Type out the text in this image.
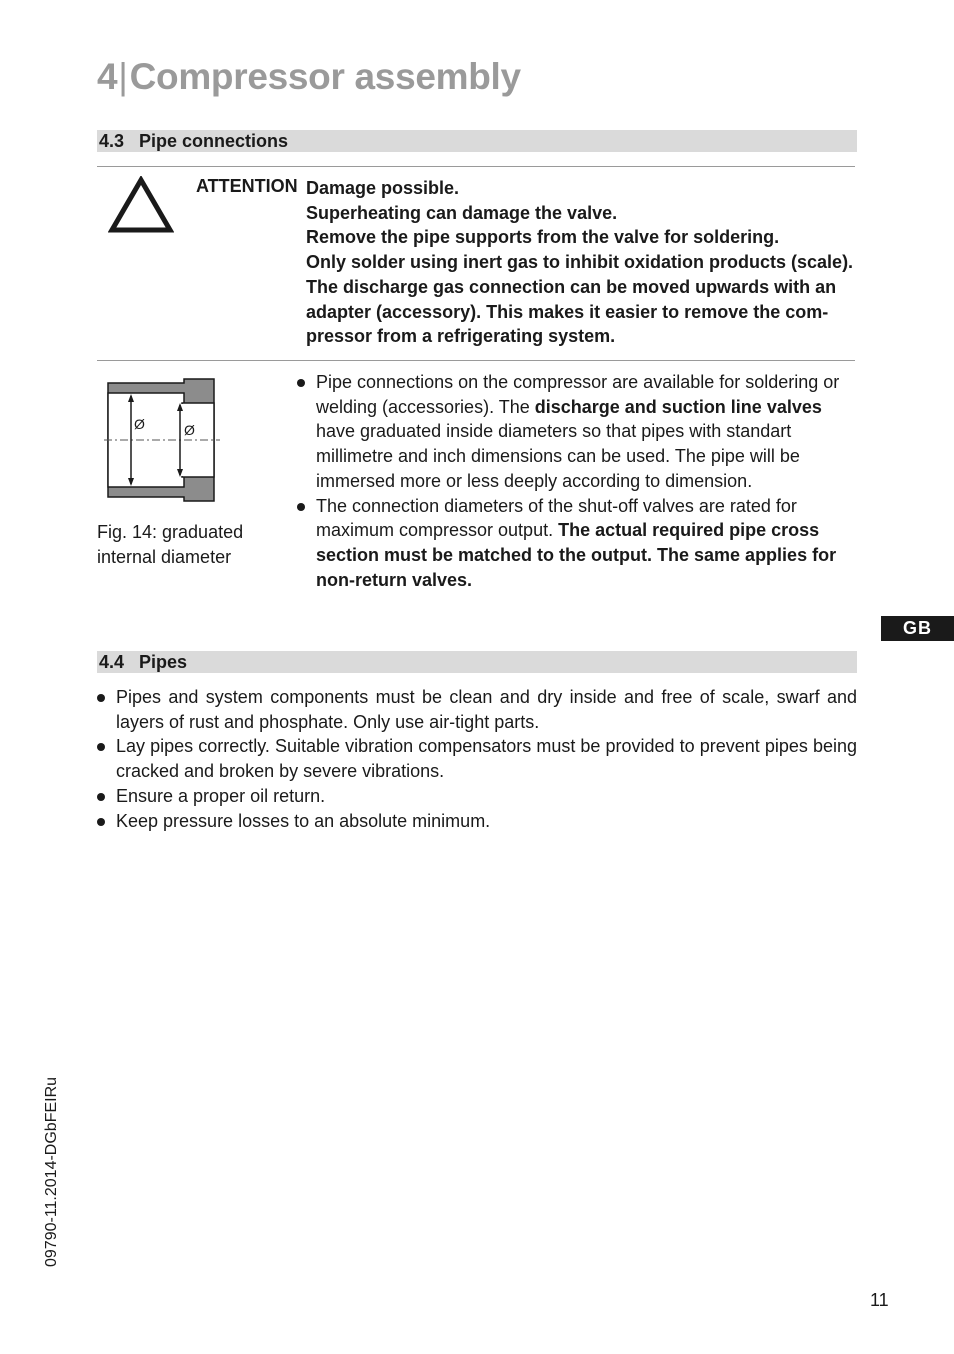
4|Compressor assembly
4.3 Pipe connections
ATTENTION Damage possible.
Superheating can damage the valve.
Remove the pipe supports from the valve for soldering.
Only solder using inert gas to inhibit oxidation products (scale).
The discharge gas connection can be moved upwards with an
adapter (accessory). This makes it easier to remove the com-
pressor from a refrigerating system.
Ø	Ø
Fig. 14: graduated internal diameter
Pipe connections on the compressor are available for soldering or welding (accessories). The discharge and suction line valves have graduated inside diameters so that pipes with standart millimetre and inch dimensions can be used. The pipe will be immersed more or less deeply according to dimension.
The connection diameters of the shut-off valves are rated for maximum compressor output. The actual required pipe cross section must be matched to the output. The same applies for non-return valves.
GB
4.4 Pipes
Pipes and system components must be clean and dry inside and free of scale, swarf and layers of rust and phosphate. Only use air-tight parts.
Lay pipes correctly. Suitable vibration compensators must be provided to prevent pipes being cracked and broken by severe vibrations.
Ensure a proper oil return.
Keep pressure losses to an absolute minimum.
09790-11.2014-DGbFEIRu
11
